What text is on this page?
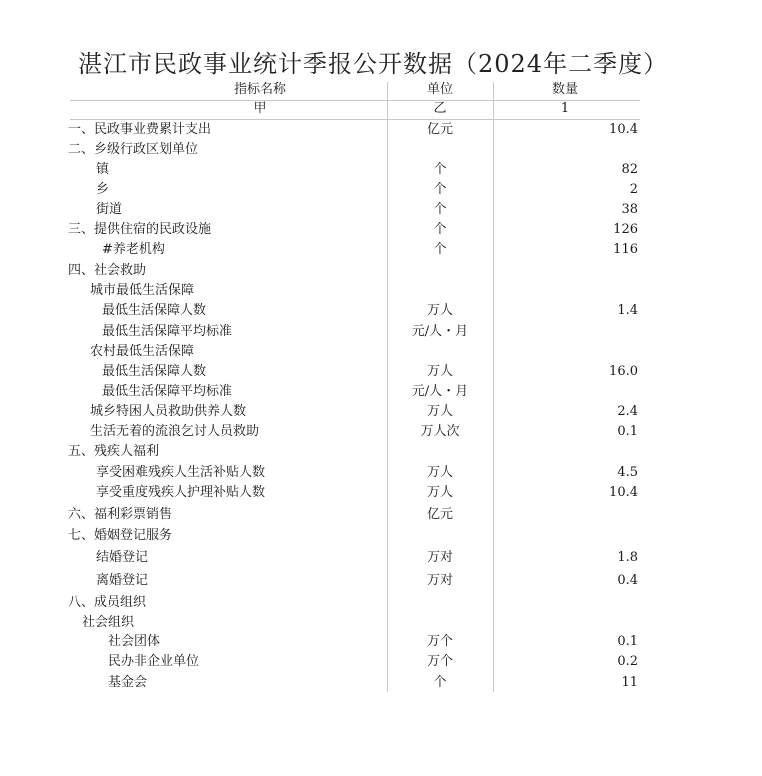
湛江市民政事业统计季报公开数据（2024年二季度）
指标名称	单位	数量
甲	乙	1
一、民政事业费累计支出	亿元	10.4
二、乡级行政区划单位
镇	个	82
乡	个	2
街道	个	38
三、提供住宿的民政设施	个	126
#养老机构	个	116
四、社会救助
城市最低生活保障
最低生活保障人数	万人	1.4
最低生活保障平均标准	元/人・月
农村最低生活保障
最低生活保障人数	万人	16.0
最低生活保障平均标准	元/人・月
城乡特困人员救助供养人数	万人	2.4
生活无着的流浪乞讨人员救助	万人次	0.1
五、残疾人福利
享受困难残疾人生活补贴人数	万人	4.5
享受重度残疾人护理补贴人数	万人	10.4
六、福利彩票销售	亿元
七、婚姻登记服务
结婚登记	万对	1.8
离婚登记	万对	0.4
八、成员组织
社会组织
社会团体	万个	0.1
民办非企业单位	万个	0.2
基金会	个	11
